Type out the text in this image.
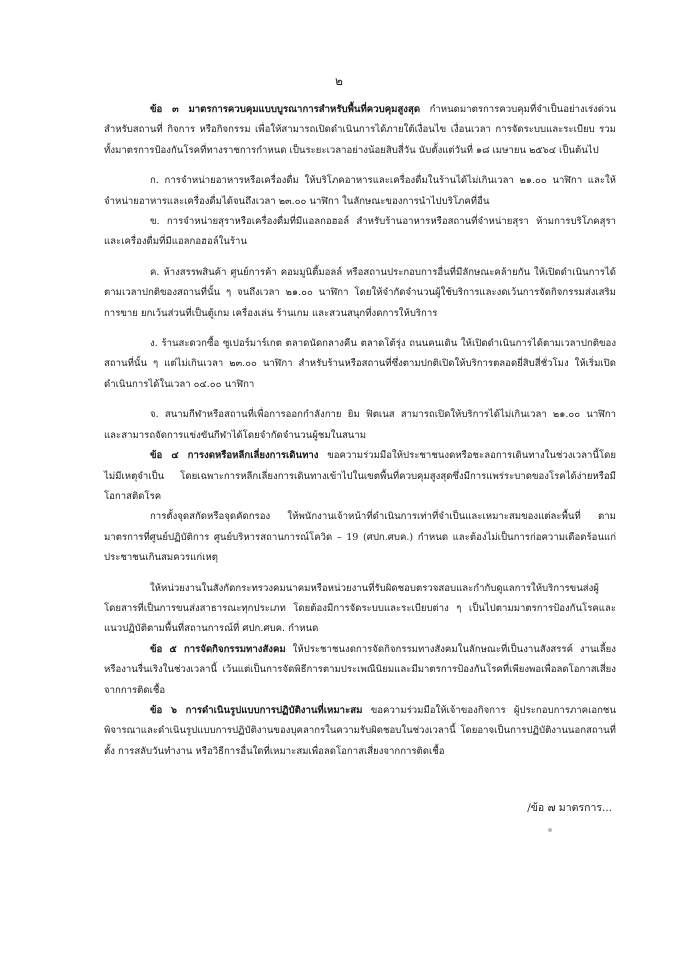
๒

ข้อ ๓ มาตรการควบคุมแบบบูรณาการสำหรับพื้นที่ควบคุมสูงสุด กำหนดมาตรการควบคุมที่จำเป็นอย่างเร่งด่วน สำหรับสถานที่ กิจการ หรือกิจกรรม เพื่อให้สามารถเปิดดำเนินการได้ภายใต้เงื่อนไข เงื่อนเวลา การจัดระบบและระเบียบ รวมทั้งมาตรการป้องกันโรคที่ทางราชการกำหนด เป็นระยะเวลาอย่างน้อยสิบสี่วัน นับตั้งแต่วันที่ ๑๘ เมษายน ๒๕๖๔ เป็นต้นไป

ก. การจำหน่ายอาหารหรือเครื่องดื่ม ให้บริโภคอาหารและเครื่องดื่มในร้านได้ไม่เกินเวลา ๒๑.๐๐ นาฬิกา และให้จำหน่ายอาหารและเครื่องดื่มได้จนถึงเวลา ๒๓.๐๐ นาฬิกา ในลักษณะของการนำไปบริโภคที่อื่น

ข. การจำหน่ายสุราหรือเครื่องดื่มที่มีแอลกอฮอล์ สำหรับร้านอาหารหรือสถานที่จำหน่ายสุรา ห้ามการบริโภคสุราและเครื่องดื่มที่มีแอลกอฮอล์ในร้าน

ค. ห้างสรรพสินค้า ศูนย์การค้า คอมมูนิตี้มอลล์ หรือสถานประกอบการอื่นที่มีลักษณะคล้ายกัน ให้เปิดดำเนินการได้ตามเวลาปกติของสถานที่นั้น ๆ จนถึงเวลา ๒๑.๐๐ นาฬิกา โดยให้จำกัดจำนวนผู้ใช้บริการและงดเว้นการจัดกิจกรรมส่งเสริมการขาย ยกเว้นส่วนที่เป็นตู้เกม เครื่องเล่น ร้านเกม และสวนสนุกที่งดการให้บริการ

ง. ร้านสะดวกซื้อ ซูเปอร์มาร์เกต ตลาดนัดกลางคืน ตลาดโต้รุ่ง ถนนคนเดิน ให้เปิดดำเนินการได้ตามเวลาปกติของสถานที่นั้น ๆ แต่ไม่เกินเวลา ๒๓.๐๐ นาฬิกา สำหรับร้านหรือสถานที่ซึ่งตามปกติเปิดให้บริการตลอดยี่สิบสี่ชั่วโมง ให้เริ่มเปิดดำเนินการได้ในเวลา ๐๔.๐๐ นาฬิกา

จ. สนามกีฬาหรือสถานที่เพื่อการออกกำลังกาย ยิม ฟิตเนส สามารถเปิดให้บริการได้ไม่เกินเวลา ๒๑.๐๐ นาฬิกา และสามารถจัดการแข่งขันกีฬาได้โดยจำกัดจำนวนผู้ชมในสนาม

ข้อ ๔ การงดหรือหลีกเลี่ยงการเดินทาง ขอความร่วมมือให้ประชาชนงดหรือชะลอการเดินทางในช่วงเวลานี้โดยไม่มีเหตุจำเป็น โดยเฉพาะการหลีกเลี่ยงการเดินทางเข้าไปในเขตพื้นที่ควบคุมสูงสุดซึ่งมีการแพร่ระบาดของโรคได้ง่ายหรือมีโอกาสติดโรค

การตั้งจุดสกัดหรือจุดคัดกรอง ให้พนักงานเจ้าหน้าที่ดำเนินการเท่าที่จำเป็นและเหมาะสมของแต่ละพื้นที่ ตามมาตรการที่ศูนย์ปฏิบัติการ ศูนย์บริหารสถานการณ์โควิด – 19 (ศปก.ศบค.) กำหนด และต้องไม่เป็นการก่อความเดือดร้อนแก่ประชาชนเกินสมควรแก่เหตุ

ให้หน่วยงานในสังกัดกระทรวงคมนาคมหรือหน่วยงานที่รับผิดชอบตรวจสอบและกำกับดูแลการให้บริการขนส่งผู้โดยสารที่เป็นการขนส่งสาธารณะทุกประเภท โดยต้องมีการจัดระบบและระเบียบต่าง ๆ เป็นไปตามมาตรการป้องกันโรคและแนวปฏิบัติตามพื้นที่สถานการณ์ที่ ศปก.ศบค. กำหนด

ข้อ ๕ การจัดกิจกรรมทางสังคม ให้ประชาชนงดการจัดกิจกรรมทางสังคมในลักษณะที่เป็นงานสังสรรค์ งานเลี้ยง หรืองานรื่นเริงในช่วงเวลานี้ เว้นแต่เป็นการจัดพิธีการตามประเพณีนิยมและมีมาตรการป้องกันโรคที่เพียงพอเพื่อลดโอกาสเสี่ยงจากการติดเชื้อ

ข้อ ๖ การดำเนินรูปแบบการปฏิบัติงานที่เหมาะสม ขอความร่วมมือให้เจ้าของกิจการ ผู้ประกอบการภาคเอกชนพิจารณาและดำเนินรูปแบบการปฏิบัติงานของบุคลากรในความรับผิดชอบในช่วงเวลานี้ โดยอาจเป็นการปฏิบัติงานนอกสถานที่ตั้ง การสลับวันทำงาน หรือวิธีการอื่นใดที่เหมาะสมเพื่อลดโอกาสเสี่ยงจากการติดเชื้อ

/ข้อ ๗ มาตรการ...
